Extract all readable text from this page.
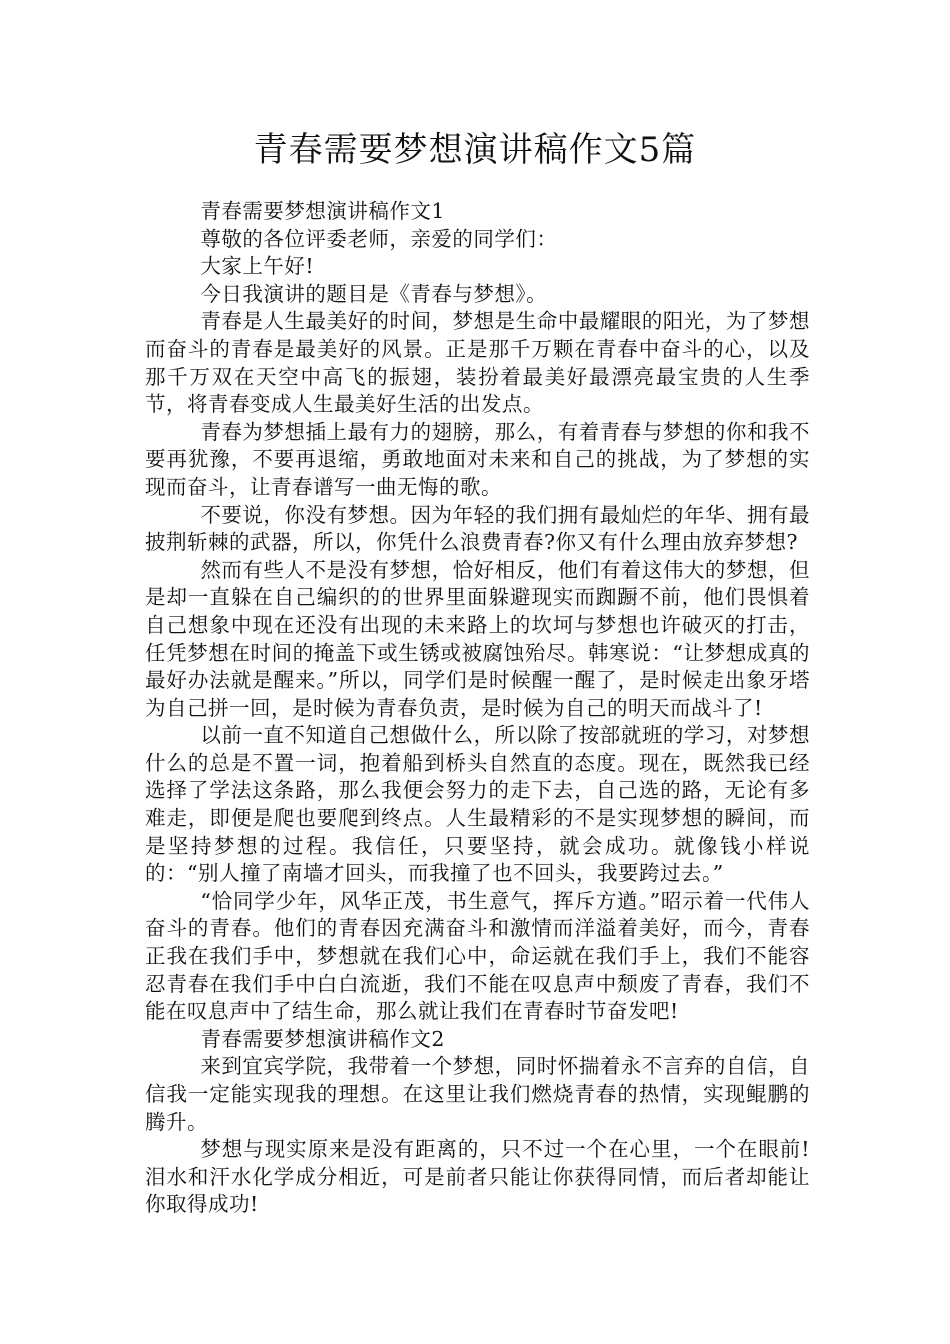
青春需要梦想演讲稿作文5篇

青春需要梦想演讲稿作文1

尊敬的各位评委老师，亲爱的同学们：

大家上午好!

今日我演讲的题目是《青春与梦想》。

青春是人生最美好的时间，梦想是生命中最耀眼的阳光，为了梦想而奋斗的青春是最美好的风景。正是那千万颗在青春中奋斗的心，以及那千万双在天空中高飞的振翅，装扮着最美好最漂亮最宝贵的人生季节，将青春变成人生最美好生活的出发点。

青春为梦想插上最有力的翅膀，那么，有着青春与梦想的你和我不要再犹豫，不要再退缩，勇敢地面对未来和自己的挑战，为了梦想的实现而奋斗，让青春谱写一曲无悔的歌。

不要说，你没有梦想。因为年轻的我们拥有最灿烂的年华、拥有最披荆斩棘的武器，所以，你凭什么浪费青春?你又有什么理由放弃梦想?

然而有些人不是没有梦想，恰好相反，他们有着这伟大的梦想，但是却一直躲在自己编织的的世界里面躲避现实而踟蹰不前，他们畏惧着自己想象中现在还没有出现的未来路上的坎坷与梦想也许破灭的打击，任凭梦想在时间的掩盖下或生锈或被腐蚀殆尽。韩寒说：“让梦想成真的最好办法就是醒来。”所以，同学们是时候醒一醒了，是时候走出象牙塔为自己拼一回，是时候为青春负责，是时候为自己的明天而战斗了!

以前一直不知道自己想做什么，所以除了按部就班的学习，对梦想什么的总是不置一词，抱着船到桥头自然直的态度。现在，既然我已经选择了学法这条路，那么我便会努力的走下去，自己选的路，无论有多难走，即便是爬也要爬到终点。人生最精彩的不是实现梦想的瞬间，而是坚持梦想的过程。我信任，只要坚持，就会成功。就像钱小样说的：“别人撞了南墙才回头，而我撞了也不回头，我要跨过去。”

“恰同学少年，风华正茂，书生意气，挥斥方遒。”昭示着一代伟人奋斗的青春。他们的青春因充满奋斗和激情而洋溢着美好，而今，青春正我在我们手中，梦想就在我们心中，命运就在我们手上，我们不能容忍青春在我们手中白白流逝，我们不能在叹息声中颓废了青春，我们不能在叹息声中了结生命，那么就让我们在青春时节奋发吧!

青春需要梦想演讲稿作文2

来到宜宾学院，我带着一个梦想，同时怀揣着永不言弃的自信，自信我一定能实现我的理想。在这里让我们燃烧青春的热情，实现鲲鹏的腾升。

梦想与现实原来是没有距离的，只不过一个在心里，一个在眼前!泪水和汗水化学成分相近，可是前者只能让你获得同情，而后者却能让你取得成功!
